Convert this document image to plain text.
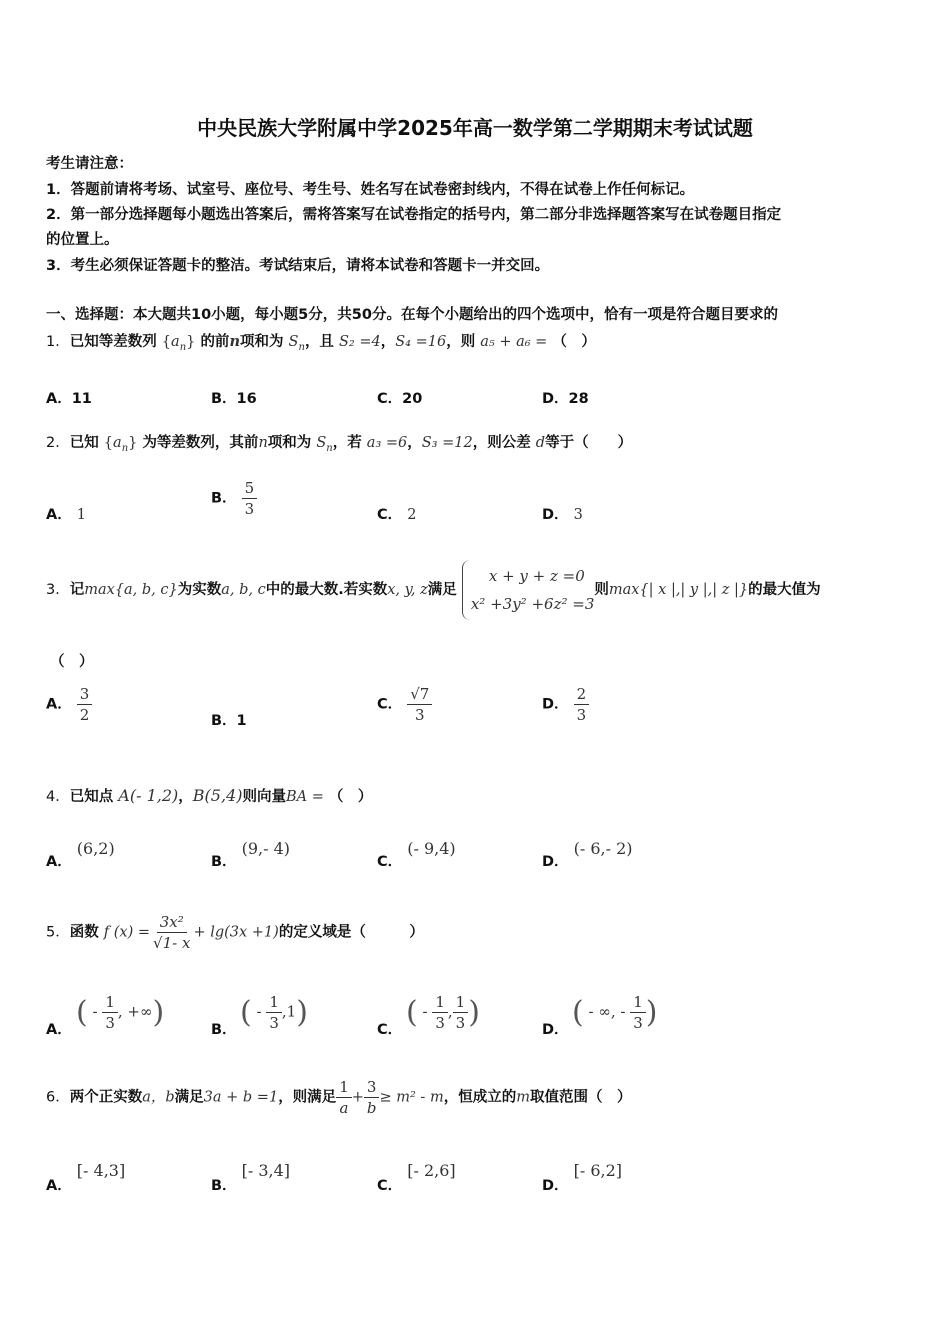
中央民族大学附属中学2025年高一数学第二学期期末考试试题
考生请注意：
1．答题前请将考场、试室号、座位号、考生号、姓名写在试卷密封线内，不得在试卷上作任何标记。
2．第一部分选择题每小题选出答案后，需将答案写在试卷指定的括号内，第二部分非选择题答案写在试卷题目指定
的位置上。
3．考生必须保证答题卡的整洁。考试结束后，请将本试卷和答题卡一并交回。
一、选择题：本大题共10小题，每小题5分，共50分。在每个小题给出的四个选项中，恰有一项是符合题目要求的
1．已知等差数列 $\{a_n\}$ 的前n项和为 $S_n$，且 S₂ =4，S₄ =16，则 a₅ + a₆ = （　）
A．11	B．16	C．20	D．28
2．已知 $\{a_n\}$ 为等差数列，其前n项和为 $S_n$，若 a₃ =6，S₃ =12，则公差 d等于（　　）
A． 1
B． $\frac{5}{3}$	C． 2	D． 3
3．记max{a, b, c}为实数a, b, c中的最大数.若实数x, y, z满足
x + y + z =0
x² +3y² +6z² =3
则max{| x |,| y |,| z |}的最大值为
（　）
A． $\frac{3}{2}$	B．1
C． $\frac{√7}{3}$	D． $\frac{2}{3}$
4．已知点 A(- 1,2)，B(5,4)则向量BA = （　）
A． (6,2)
B． (9,- 4)
C． (- 9,4)
D． (- 6,- 2)
5．函数 f $(x) = \frac{\text{3x²}}{√1- x} + \lg(3x +1)$的定义域是（　　　）
A． ( - $\frac{1}{3}$ , +∞)	B． ( - $\frac{1}{3} ,1$)	C． ( - $\frac{1}{3}$ , $\frac{1}{3}$ )	D． ( - ∞, - $\frac{1}{3}$ )
6．两个正实数a，b满足3a + b =1，则满足 $\frac{1}{a} + \frac{3}{b} \ge m^2 - m$，恒成立的m取值范围（　）
A． [- 4,3]
B． [- 3,4]
C． [- 2,6]
D． [- 6,2]
